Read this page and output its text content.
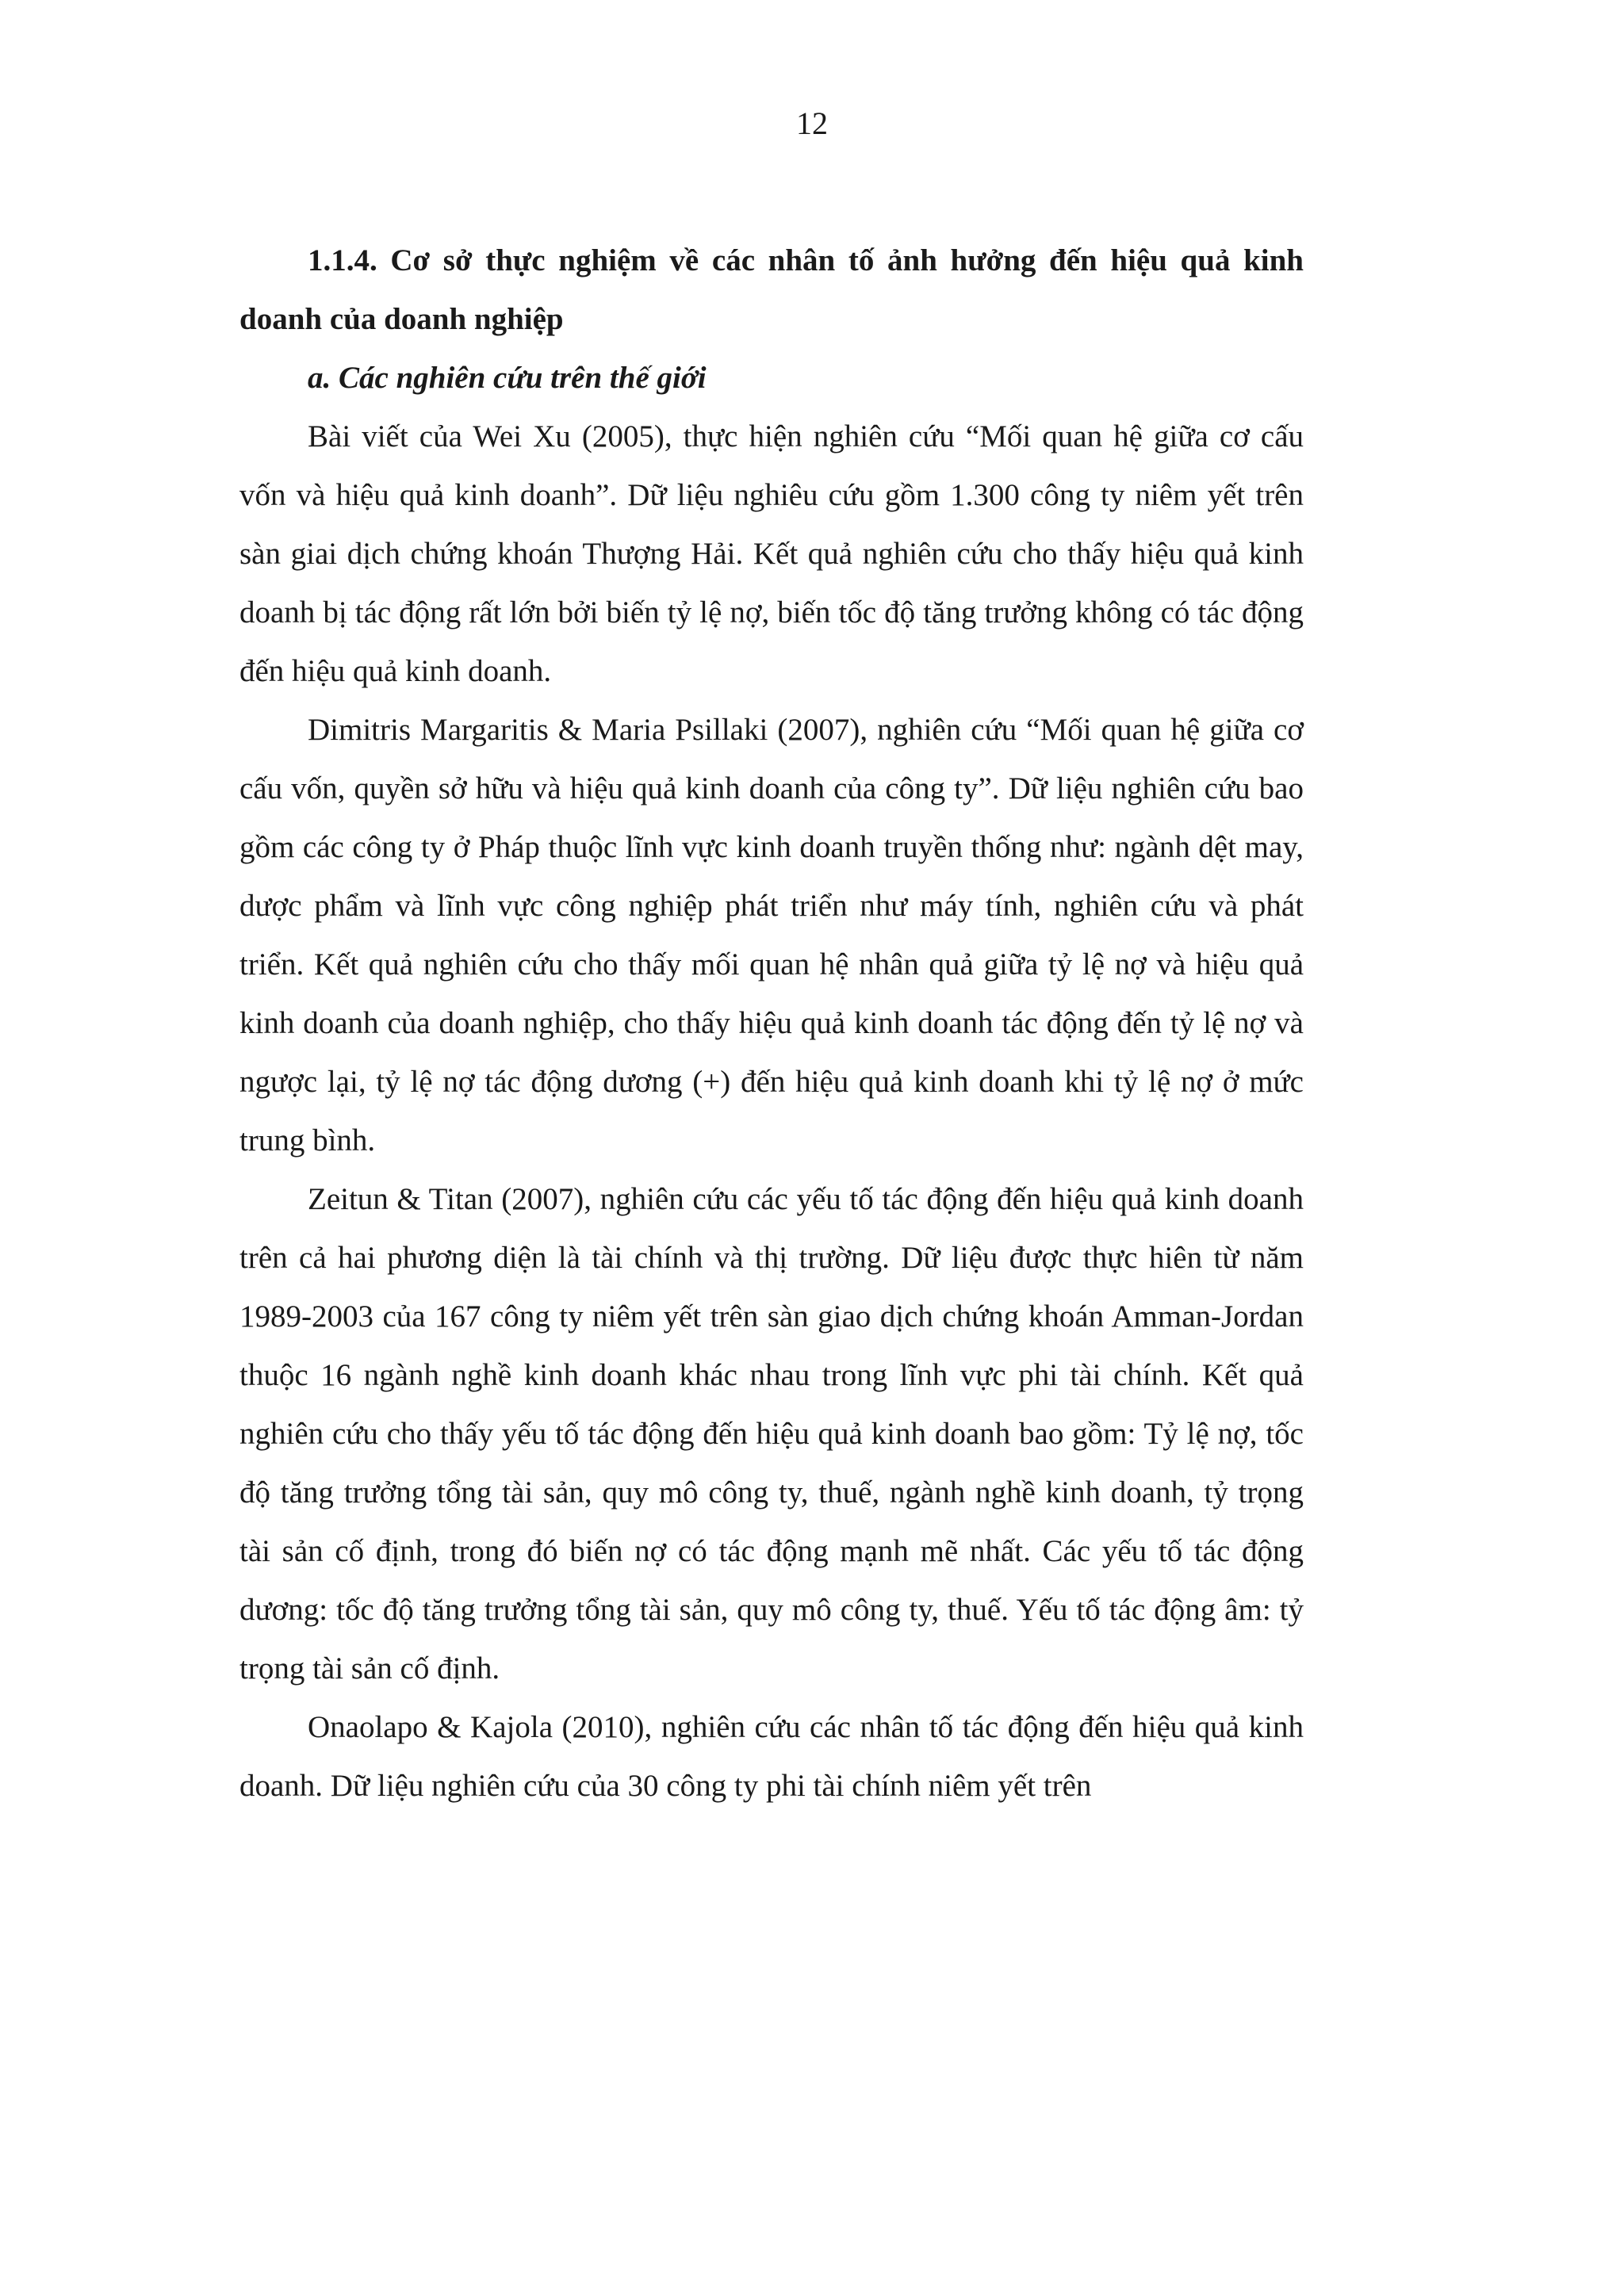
12

1.1.4. Cơ sở thực nghiệm về các nhân tố ảnh hưởng đến hiệu quả kinh doanh của doanh nghiệp

a. Các nghiên cứu trên thế giới

Bài viết của Wei Xu (2005), thực hiện nghiên cứu “Mối quan hệ giữa cơ cấu vốn và hiệu quả kinh doanh”. Dữ liệu nghiêu cứu gồm 1.300 công ty niêm yết trên sàn giai dịch chứng khoán Thượng Hải. Kết quả nghiên cứu cho thấy hiệu quả kinh doanh bị tác động rất lớn bởi biến tỷ lệ nợ, biến tốc độ tăng trưởng không có tác động đến hiệu quả kinh doanh.

Dimitris Margaritis & Maria Psillaki (2007), nghiên cứu “Mối quan hệ giữa cơ cấu vốn, quyền sở hữu và hiệu quả kinh doanh của công ty”. Dữ liệu nghiên cứu bao gồm các công ty ở Pháp thuộc lĩnh vực kinh doanh truyền thống như: ngành dệt may, dược phẩm và lĩnh vực công nghiệp phát triển như máy tính, nghiên cứu và phát triển. Kết quả nghiên cứu cho thấy mối quan hệ nhân quả giữa tỷ lệ nợ và hiệu quả kinh doanh của doanh nghiệp, cho thấy hiệu quả kinh doanh tác động đến tỷ lệ nợ và ngược lại, tỷ lệ nợ tác động dương (+) đến hiệu quả kinh doanh khi tỷ lệ nợ ở mức trung bình.

Zeitun & Titan (2007), nghiên cứu các yếu tố tác động đến hiệu quả kinh doanh trên cả hai phương diện là tài chính và thị trường. Dữ liệu được thực hiên từ năm 1989-2003 của 167 công ty niêm yết trên sàn giao dịch chứng khoán Amman-Jordan thuộc 16 ngành nghề kinh doanh khác nhau trong lĩnh vực phi tài chính. Kết quả nghiên cứu cho thấy yếu tố tác động đến hiệu quả kinh doanh bao gồm: Tỷ lệ nợ, tốc độ tăng trưởng tổng tài sản, quy mô công ty, thuế, ngành nghề kinh doanh, tỷ trọng tài sản cố định, trong đó biến nợ có tác động mạnh mẽ nhất. Các yếu tố tác động dương: tốc độ tăng trưởng tổng tài sản, quy mô công ty, thuế. Yếu tố tác động âm: tỷ trọng tài sản cố định.

Onaolapo & Kajola (2010), nghiên cứu các nhân tố tác động đến hiệu quả kinh doanh. Dữ liệu nghiên cứu của 30 công ty phi tài chính niêm yết trên
